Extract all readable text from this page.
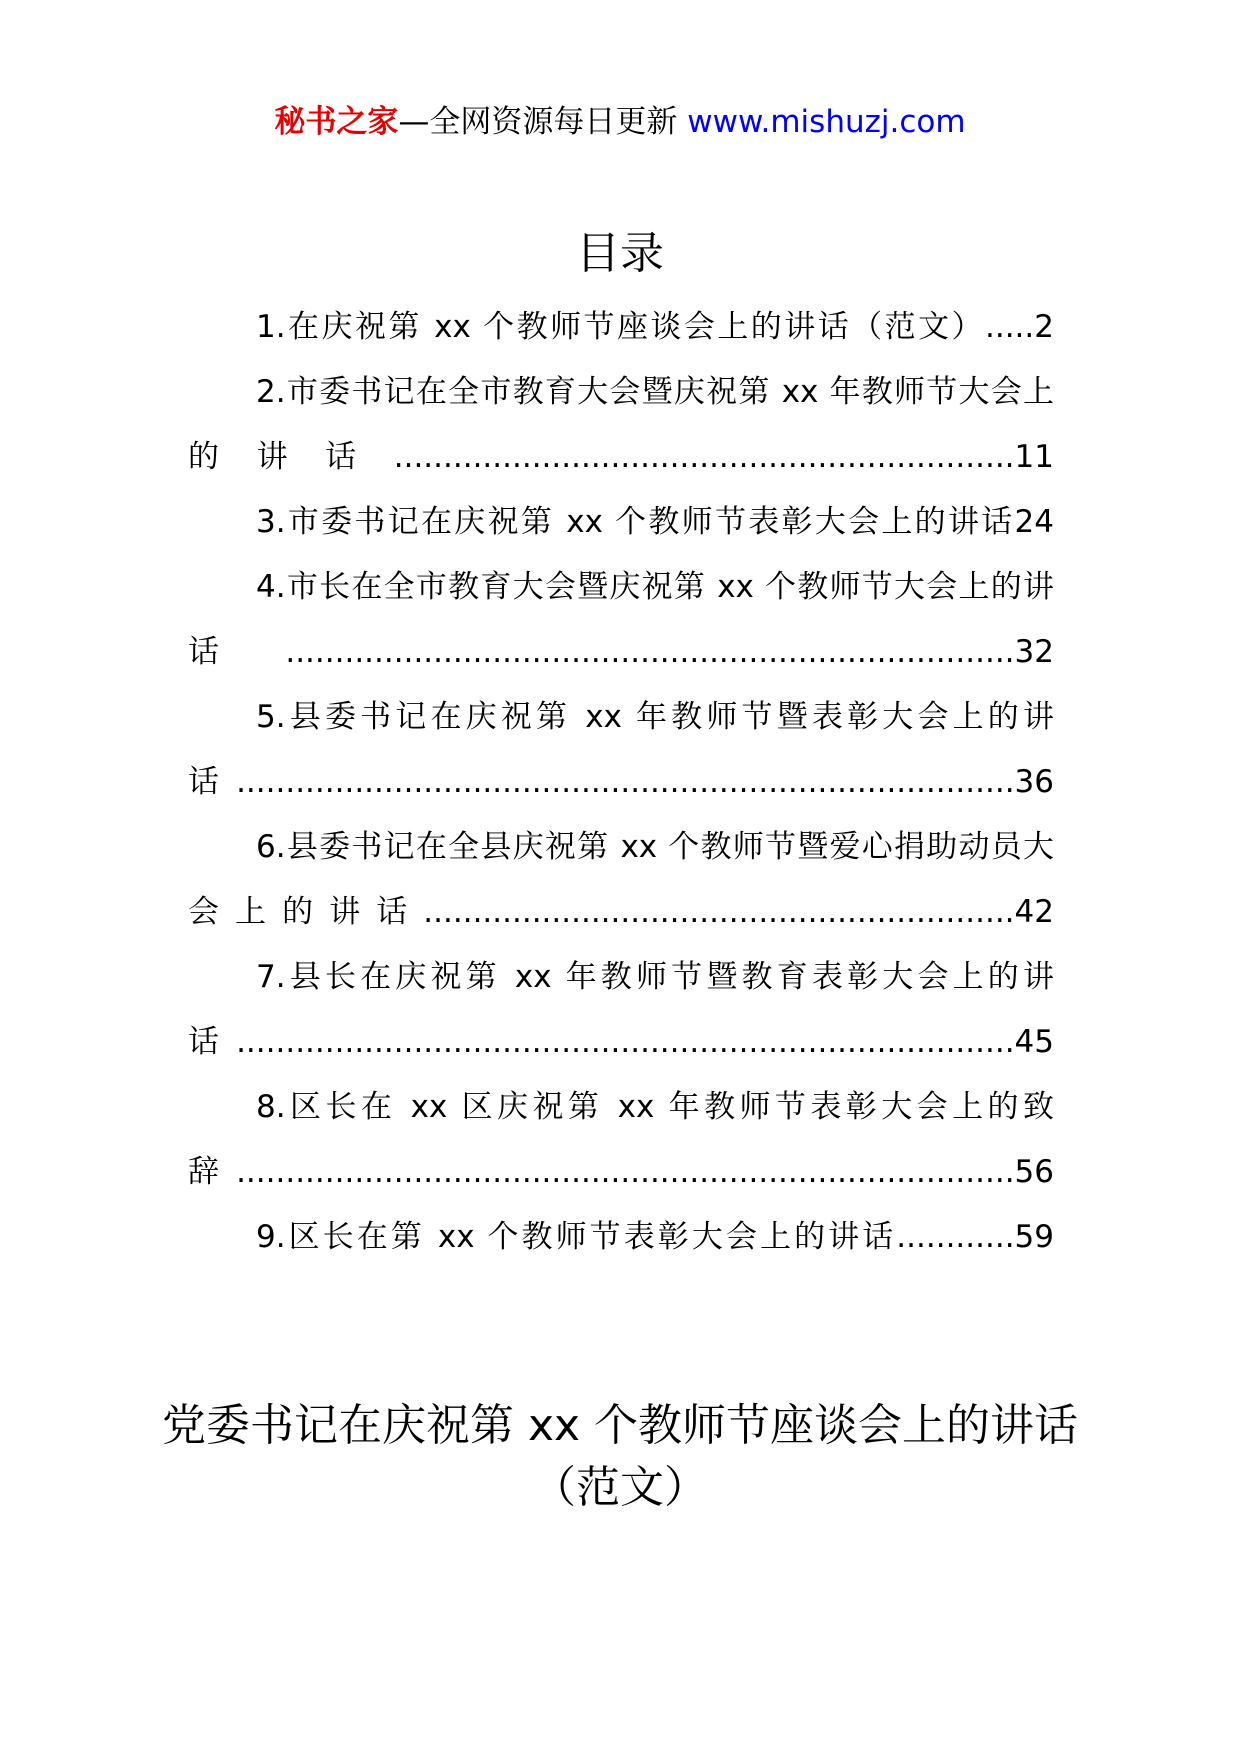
秘书之家—全网资源每日更新 www.mishuzj.com
目录
1.在庆祝第 xx 个教师节座谈会上的讲话（范文）.....2
2.市委书记在全市教育大会暨庆祝第 xx 年教师节大会上的讲话...............................................................11
3.市委书记在庆祝第 xx 个教师节表彰大会上的讲话24
4.市长在全市教育大会暨庆祝第 xx 个教师节大会上的讲话..........................................................................32
5.县委书记在庆祝第 xx 年教师节暨表彰大会上的讲话...............................................................................36
6.县委书记在全县庆祝第 xx 个教师节暨爱心捐助动员大会上的讲话............................................................42
7.县长在庆祝第 xx 年教师节暨教育表彰大会上的讲话...............................................................................45
8.区长在 xx 区庆祝第 xx 年教师节表彰大会上的致辞...............................................................................56
9.区长在第 xx 个教师节表彰大会上的讲话............59
党委书记在庆祝第 xx 个教师节座谈会上的讲话（范文）
